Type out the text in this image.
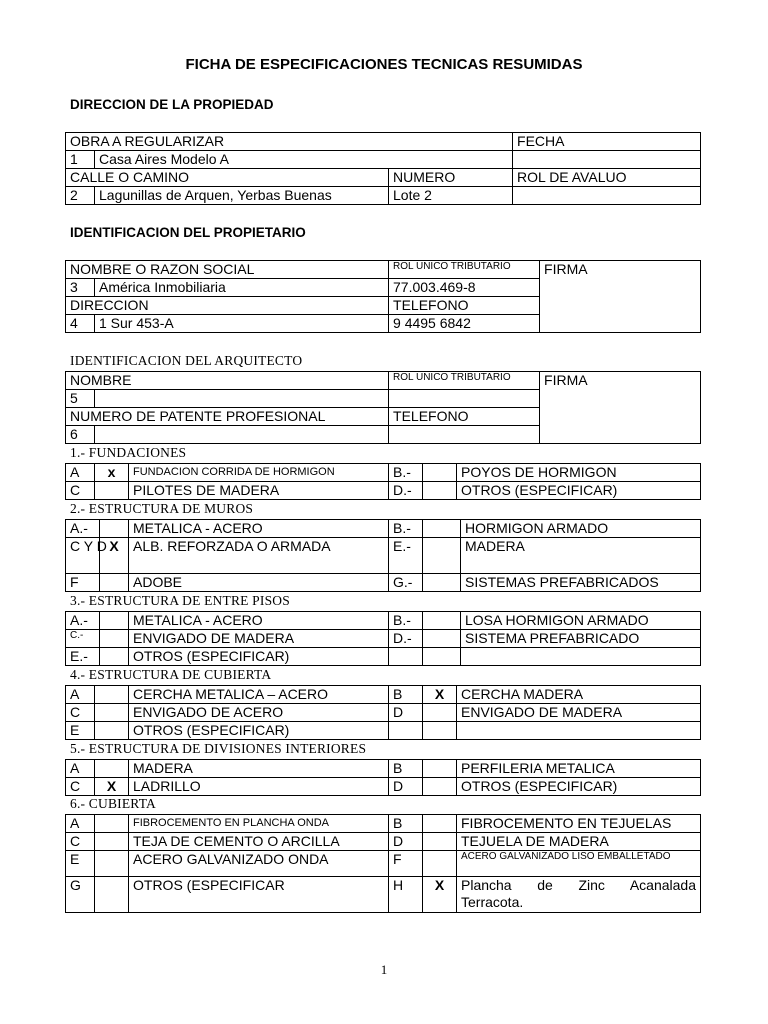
FICHA DE ESPECIFICACIONES TECNICAS RESUMIDAS
DIRECCION DE LA PROPIEDAD
OBRA A REGULARIZAR			FECHA
1	Casa Aires Modelo A		
CALLE O CAMINO		NUMERO	ROL DE AVALUO
2	Lagunillas de Arquen, Yerbas Buenas	Lote 2	
IDENTIFICACION DEL PROPIETARIO
NOMBRE O RAZON SOCIAL		ROL UNICO TRIBUTARIO	FIRMA
3	América Inmobiliaria	77.003.469-8	
DIRECCION		TELEFONO	
4	1 Sur 453-A	9 4495 6842	
IDENTIFICACION DEL ARQUITECTO
NOMBRE		ROL UNICO TRIBUTARIO	FIRMA
5			
NUMERO DE PATENTE PROFESIONAL		TELEFONO	
6			
1.- FUNDACIONES
A	x	FUNDACION CORRIDA DE HORMIGON	B.-		POYOS DE HORMIGON
C		PILOTES DE MADERA	D.-		OTROS (ESPECIFICAR)
2.- ESTRUCTURA DE MUROS
A.-		METALICA - ACERO	B.-		HORMIGON ARMADO
C Y D	X	ALB. REFORZADA O ARMADA	E.-		MADERA
F		ADOBE	G.-		SISTEMAS PREFABRICADOS
3.- ESTRUCTURA DE ENTRE PISOS
A.-		METALICA - ACERO	B.-		LOSA HORMIGON ARMADO
C.-		ENVIGADO DE MADERA	D.-		SISTEMA PREFABRICADO
E.-		OTROS (ESPECIFICAR)			
4.- ESTRUCTURA DE CUBIERTA
A		CERCHA METALICA – ACERO	B	X	CERCHA MADERA
C		ENVIGADO DE ACERO	D		ENVIGADO DE MADERA
E		OTROS (ESPECIFICAR)			
5.- ESTRUCTURA DE DIVISIONES INTERIORES
A		MADERA	B		PERFILERIA METALICA
C	X	LADRILLO	D		OTROS (ESPECIFICAR)
6.- CUBIERTA
A		FIBROCEMENTO EN PLANCHA ONDA	B		FIBROCEMENTO EN TEJUELAS
C		TEJA DE CEMENTO O ARCILLA	D		TEJUELA DE MADERA
E		ACERO GALVANIZADO ONDA	F		ACERO GALVANIZADO LISO EMBALLETADO
G		OTROS (ESPECIFICAR	H	X	Plancha de Zinc Acanalada Terracota.
1
